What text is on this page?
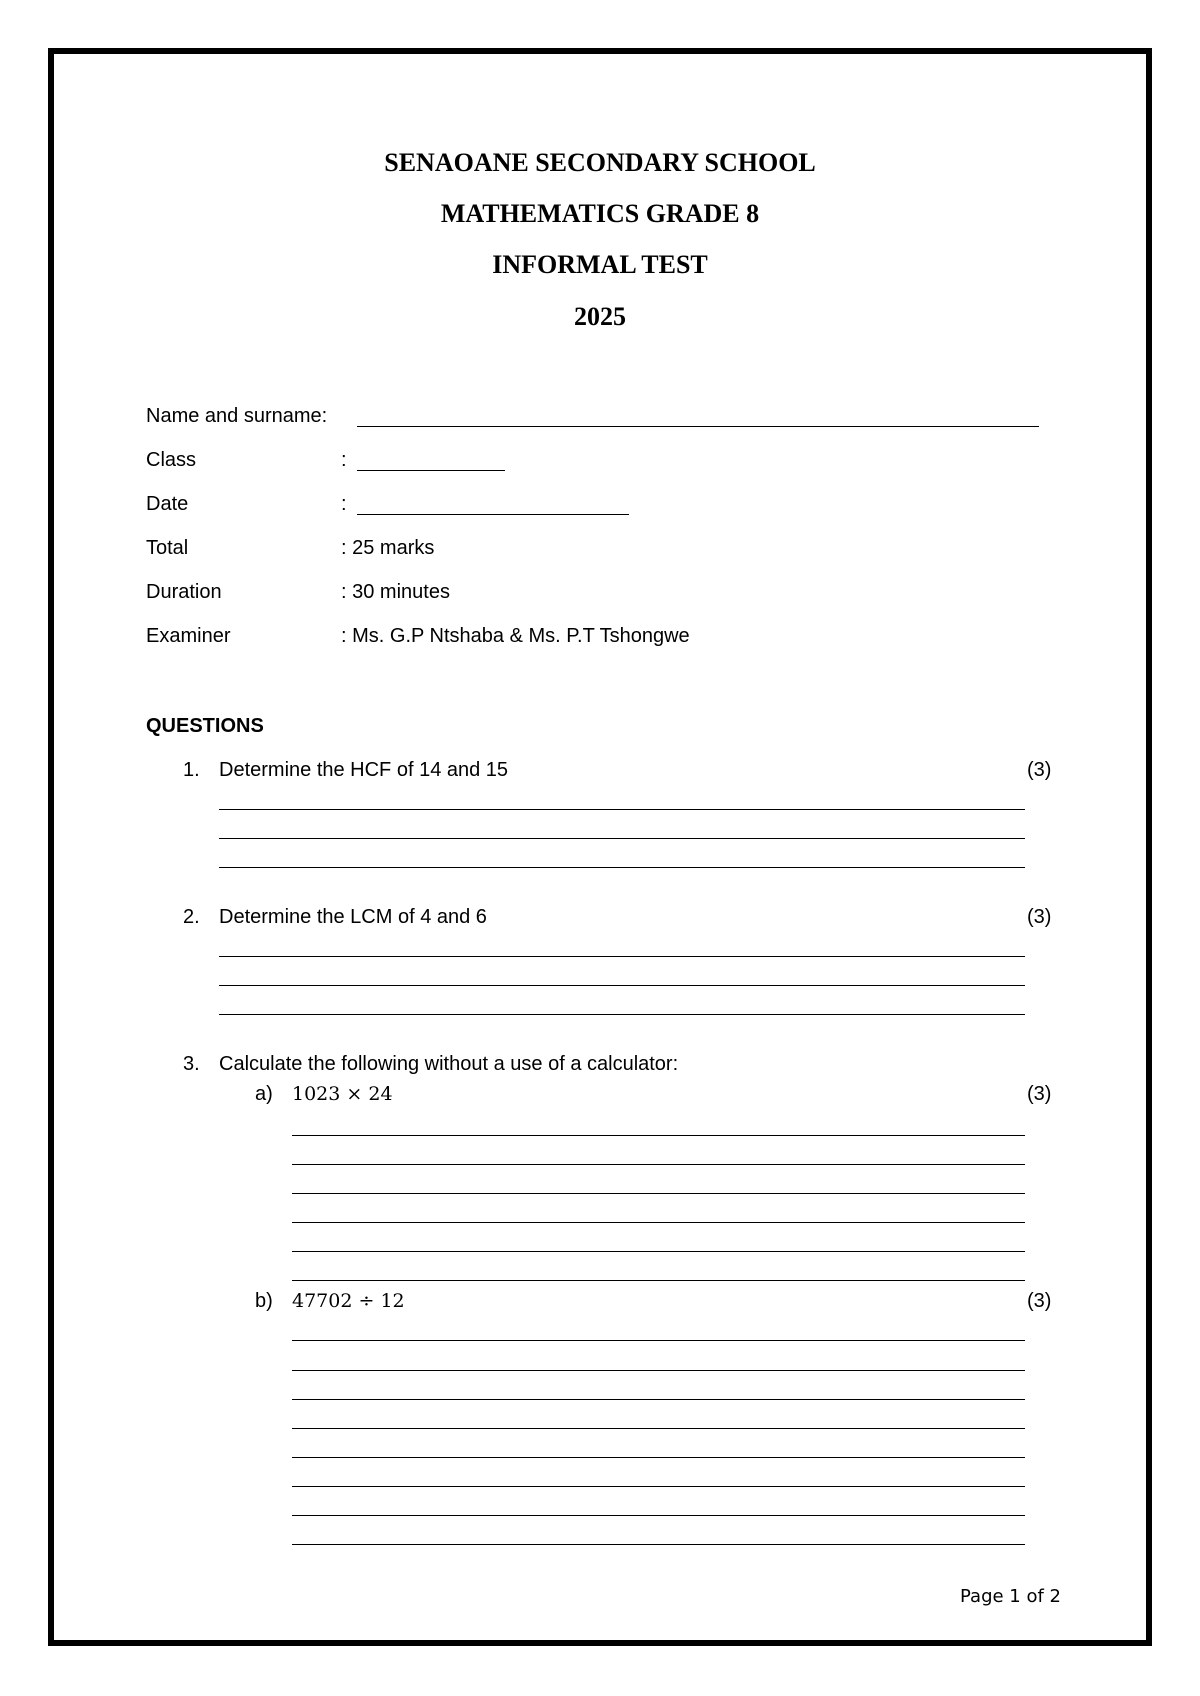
SENAOANE SECONDARY SCHOOL
MATHEMATICS GRADE 8
INFORMAL TEST
2025
Name and surname:
Class	:
Date	:
Total	: 25 marks
Duration	: 30 minutes
Examiner	: Ms. G.P Ntshaba & Ms. P.T Tshongwe
QUESTIONS
1. Determine the HCF of 14 and 15	(3)
2. Determine the LCM of 4 and 6	(3)
3. Calculate the following without a use of a calculator:
a) 1023 × 24	(3)
b) 47702 ÷ 12	(3)
Page 1 of 2
